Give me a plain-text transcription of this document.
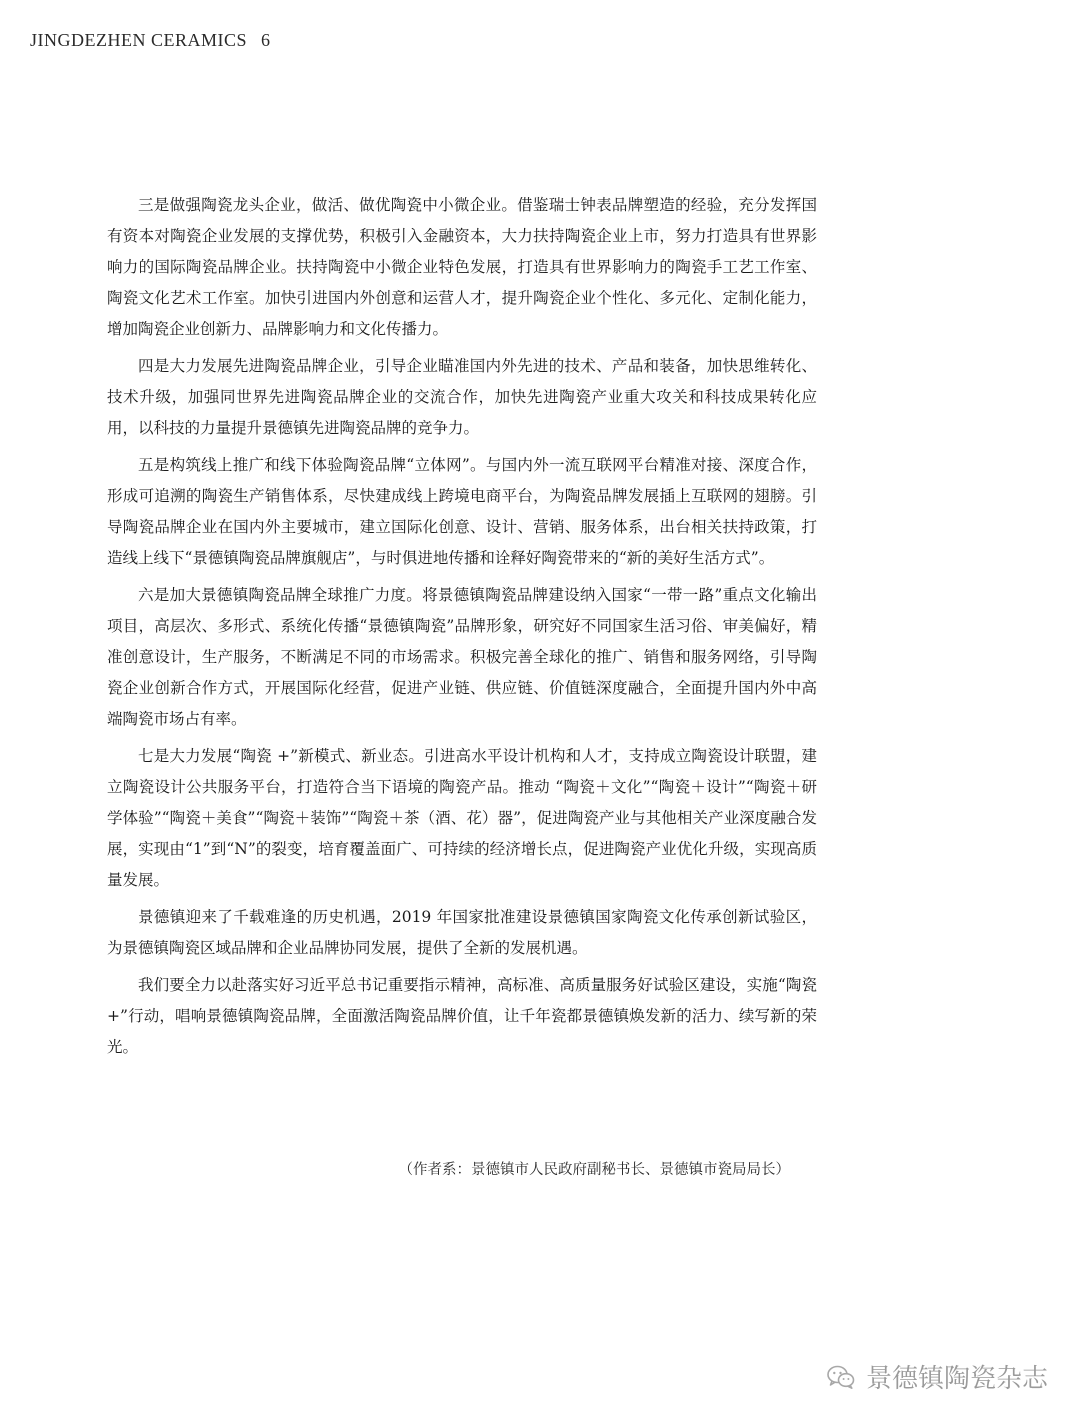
JINGDEZHEN CERAMICS 6

三是做强陶瓷龙头企业，做活、做优陶瓷中小微企业。借鉴瑞士钟表品牌塑造的经验，充分发挥国有资本对陶瓷企业发展的支撑优势，积极引入金融资本，大力扶持陶瓷企业上市，努力打造具有世界影响力的国际陶瓷品牌企业。扶持陶瓷中小微企业特色发展，打造具有世界影响力的陶瓷手工艺工作室、陶瓷文化艺术工作室。加快引进国内外创意和运营人才，提升陶瓷企业个性化、多元化、定制化能力，增加陶瓷企业创新力、品牌影响力和文化传播力。

四是大力发展先进陶瓷品牌企业，引导企业瞄准国内外先进的技术、产品和装备，加快思维转化、技术升级，加强同世界先进陶瓷品牌企业的交流合作，加快先进陶瓷产业重大攻关和科技成果转化应用，以科技的力量提升景德镇先进陶瓷品牌的竞争力。

五是构筑线上推广和线下体验陶瓷品牌“立体网”。与国内外一流互联网平台精准对接、深度合作，形成可追溯的陶瓷生产销售体系，尽快建成线上跨境电商平台，为陶瓷品牌发展插上互联网的翅膀。引导陶瓷品牌企业在国内外主要城市，建立国际化创意、设计、营销、服务体系，出台相关扶持政策，打造线上线下“景德镇陶瓷品牌旗舰店”，与时俱进地传播和诠释好陶瓷带来的“新的美好生活方式”。

六是加大景德镇陶瓷品牌全球推广力度。将景德镇陶瓷品牌建设纳入国家“一带一路”重点文化输出项目，高层次、多形式、系统化传播“景德镇陶瓷”品牌形象，研究好不同国家生活习俗、审美偏好，精准创意设计，生产服务，不断满足不同的市场需求。积极完善全球化的推广、销售和服务网络，引导陶瓷企业创新合作方式，开展国际化经营，促进产业链、供应链、价值链深度融合，全面提升国内外中高端陶瓷市场占有率。

七是大力发展“陶瓷 +”新模式、新业态。引进高水平设计机构和人才，支持成立陶瓷设计联盟，建立陶瓷设计公共服务平台，打造符合当下语境的陶瓷产品。推动 “陶瓷＋文化”“陶瓷＋设计”“陶瓷＋研学体验”“陶瓷＋美食”“陶瓷＋装饰”“陶瓷＋茶（酒、花）器”，促进陶瓷产业与其他相关产业深度融合发展，实现由“1”到“N”的裂变，培育覆盖面广、可持续的经济增长点，促进陶瓷产业优化升级，实现高质量发展。

景德镇迎来了千载难逢的历史机遇，2019 年国家批准建设景德镇国家陶瓷文化传承创新试验区，为景德镇陶瓷区域品牌和企业品牌协同发展，提供了全新的发展机遇。

我们要全力以赴落实好习近平总书记重要指示精神，高标准、高质量服务好试验区建设，实施“陶瓷 +”行动，唱响景德镇陶瓷品牌，全面激活陶瓷品牌价值，让千年瓷都景德镇焕发新的活力、续写新的荣光。

（作者系：景德镇市人民政府副秘书长、景德镇市瓷局局长）
景德镇陶瓷杂志
